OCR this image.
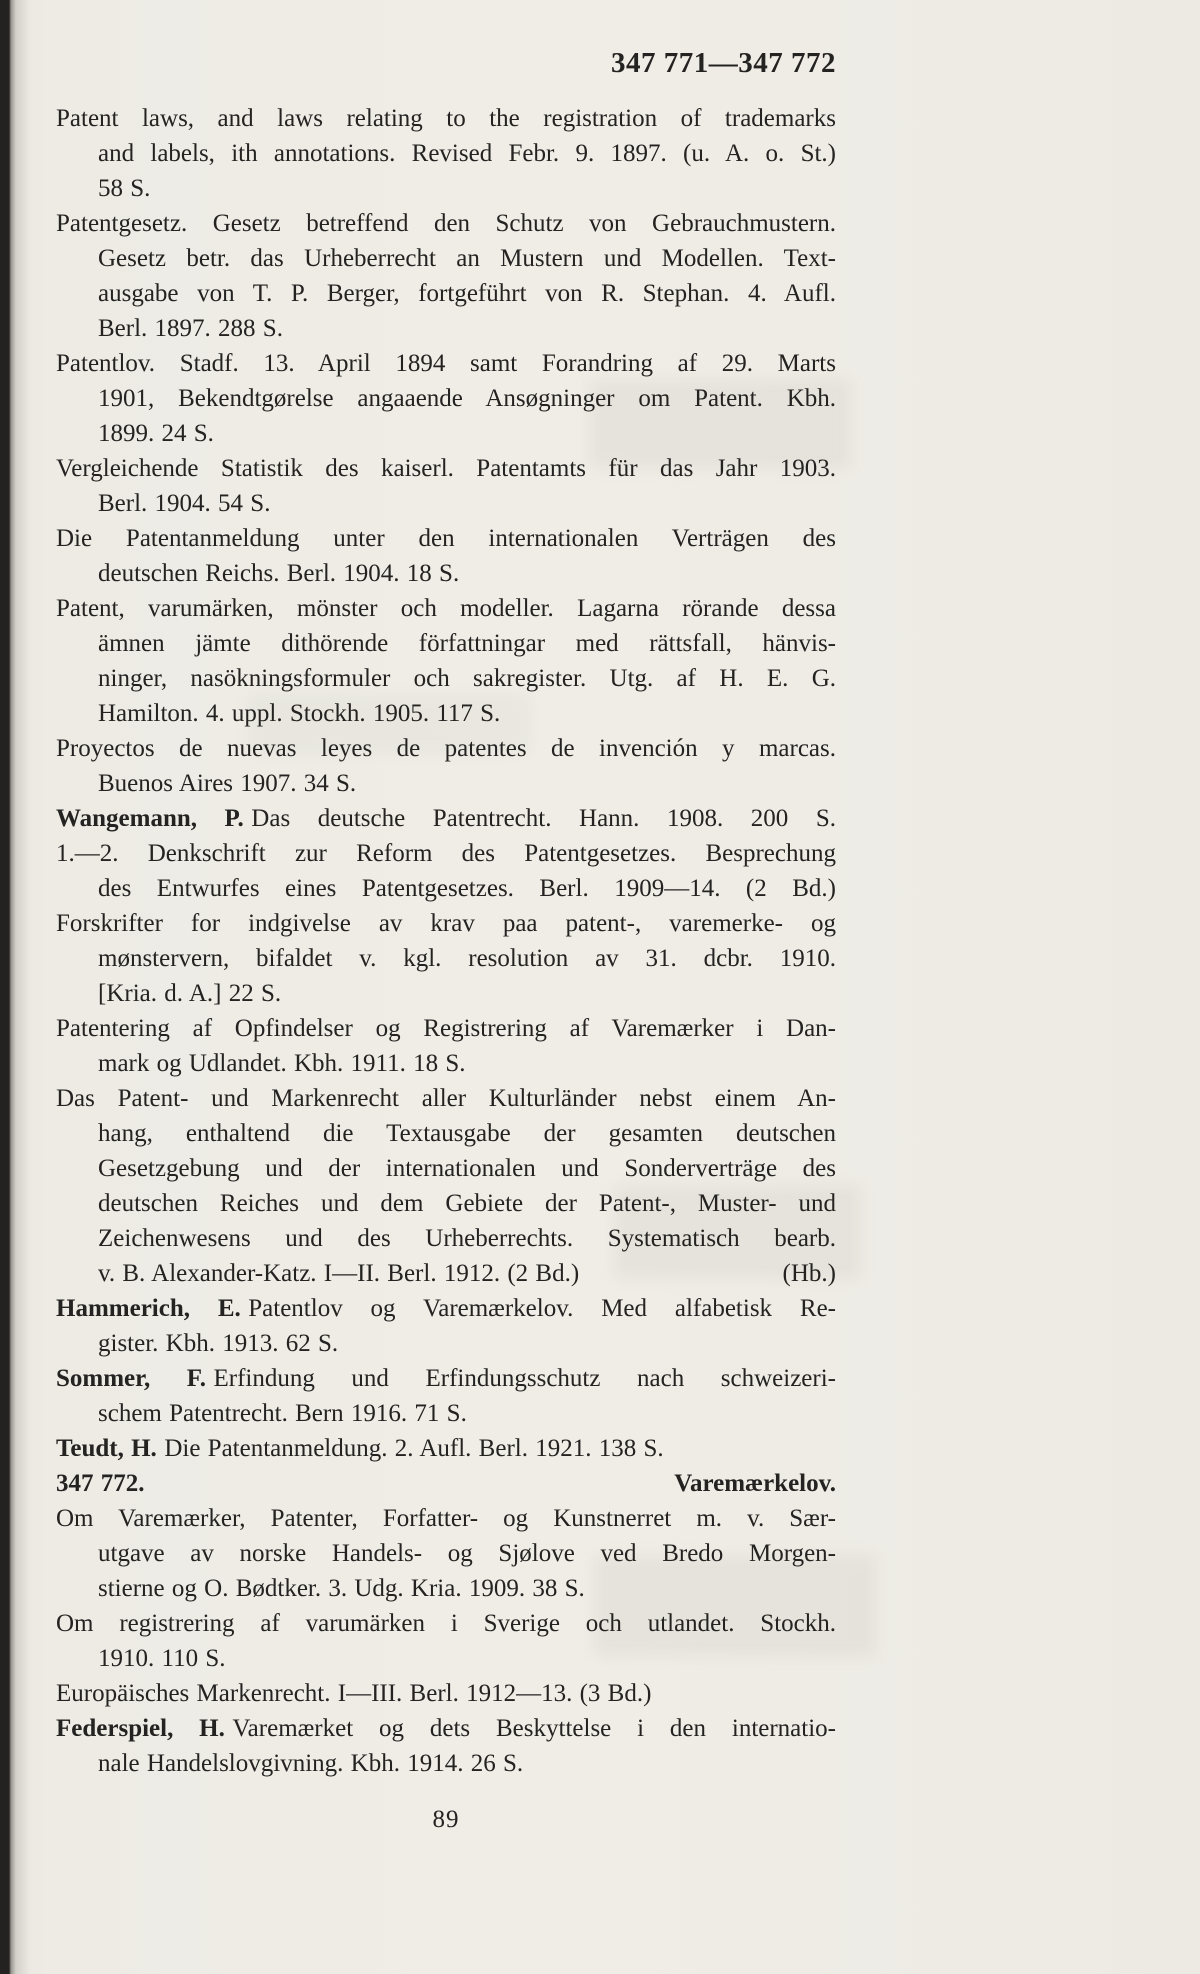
347 771—347 772
Patent laws, and laws relating to the registration of trademarks
and labels, ith annotations. Revised Febr. 9. 1897. (u. A. o. St.)
58 S.
Patentgesetz. Gesetz betreffend den Schutz von Gebrauchmustern.
Gesetz betr. das Urheberrecht an Mustern und Modellen. Text-
ausgabe von T. P. Berger, fortgeführt von R. Stephan. 4. Aufl.
Berl. 1897. 288 S.
Patentlov. Stadf. 13. April 1894 samt Forandring af 29. Marts
1901, Bekendtgørelse angaaende Ansøgninger om Patent. Kbh.
1899. 24 S.
Vergleichende Statistik des kaiserl. Patentamts für das Jahr 1903.
Berl. 1904. 54 S.
Die Patentanmeldung unter den internationalen Verträgen des
deutschen Reichs. Berl. 1904. 18 S.
Patent, varumärken, mönster och modeller. Lagarna rörande dessa
ämnen jämte dithörende författningar med rättsfall, hänvis-
ninger, nasökningsformuler och sakregister. Utg. af H. E. G.
Hamilton. 4. uppl. Stockh. 1905. 117 S.
Proyectos de nuevas leyes de patentes de invención y marcas.
Buenos Aires 1907. 34 S.
Wangemann, P. Das deutsche Patentrecht. Hann. 1908. 200 S.
1.—2. Denkschrift zur Reform des Patentgesetzes. Besprechung
des Entwurfes eines Patentgesetzes. Berl. 1909—14. (2 Bd.)
Forskrifter for indgivelse av krav paa patent-, varemerke- og
mønstervern, bifaldet v. kgl. resolution av 31. dcbr. 1910.
[Kria. d. A.] 22 S.
Patentering af Opfindelser og Registrering af Varemærker i Dan-
mark og Udlandet. Kbh. 1911. 18 S.
Das Patent- und Markenrecht aller Kulturländer nebst einem An-
hang, enthaltend die Textausgabe der gesamten deutschen
Gesetzgebung und der internationalen und Sonderverträge des
deutschen Reiches und dem Gebiete der Patent-, Muster- und
Zeichenwesens und des Urheberrechts. Systematisch bearb.
v. B. Alexander-Katz. I—II. Berl. 1912. (2 Bd.)	(Hb.)
Hammerich, E. Patentlov og Varemærkelov. Med alfabetisk Re-
gister. Kbh. 1913. 62 S.
Sommer, F. Erfindung und Erfindungsschutz nach schweizeri-
schem Patentrecht. Bern 1916. 71 S.
Teudt, H. Die Patentanmeldung. 2. Aufl. Berl. 1921. 138 S.
347 772.	Varemærkelov.
Om Varemærker, Patenter, Forfatter- og Kunstnerret m. v. Sær-
utgave av norske Handels- og Sjølove ved Bredo Morgen-
stierne og O. Bødtker. 3. Udg. Kria. 1909. 38 S.
Om registrering af varumärken i Sverige och utlandet. Stockh.
1910. 110 S.
Europäisches Markenrecht. I—III. Berl. 1912—13. (3 Bd.)
Federspiel, H. Varemærket og dets Beskyttelse i den internatio-
nale Handelslovgivning. Kbh. 1914. 26 S.
89
